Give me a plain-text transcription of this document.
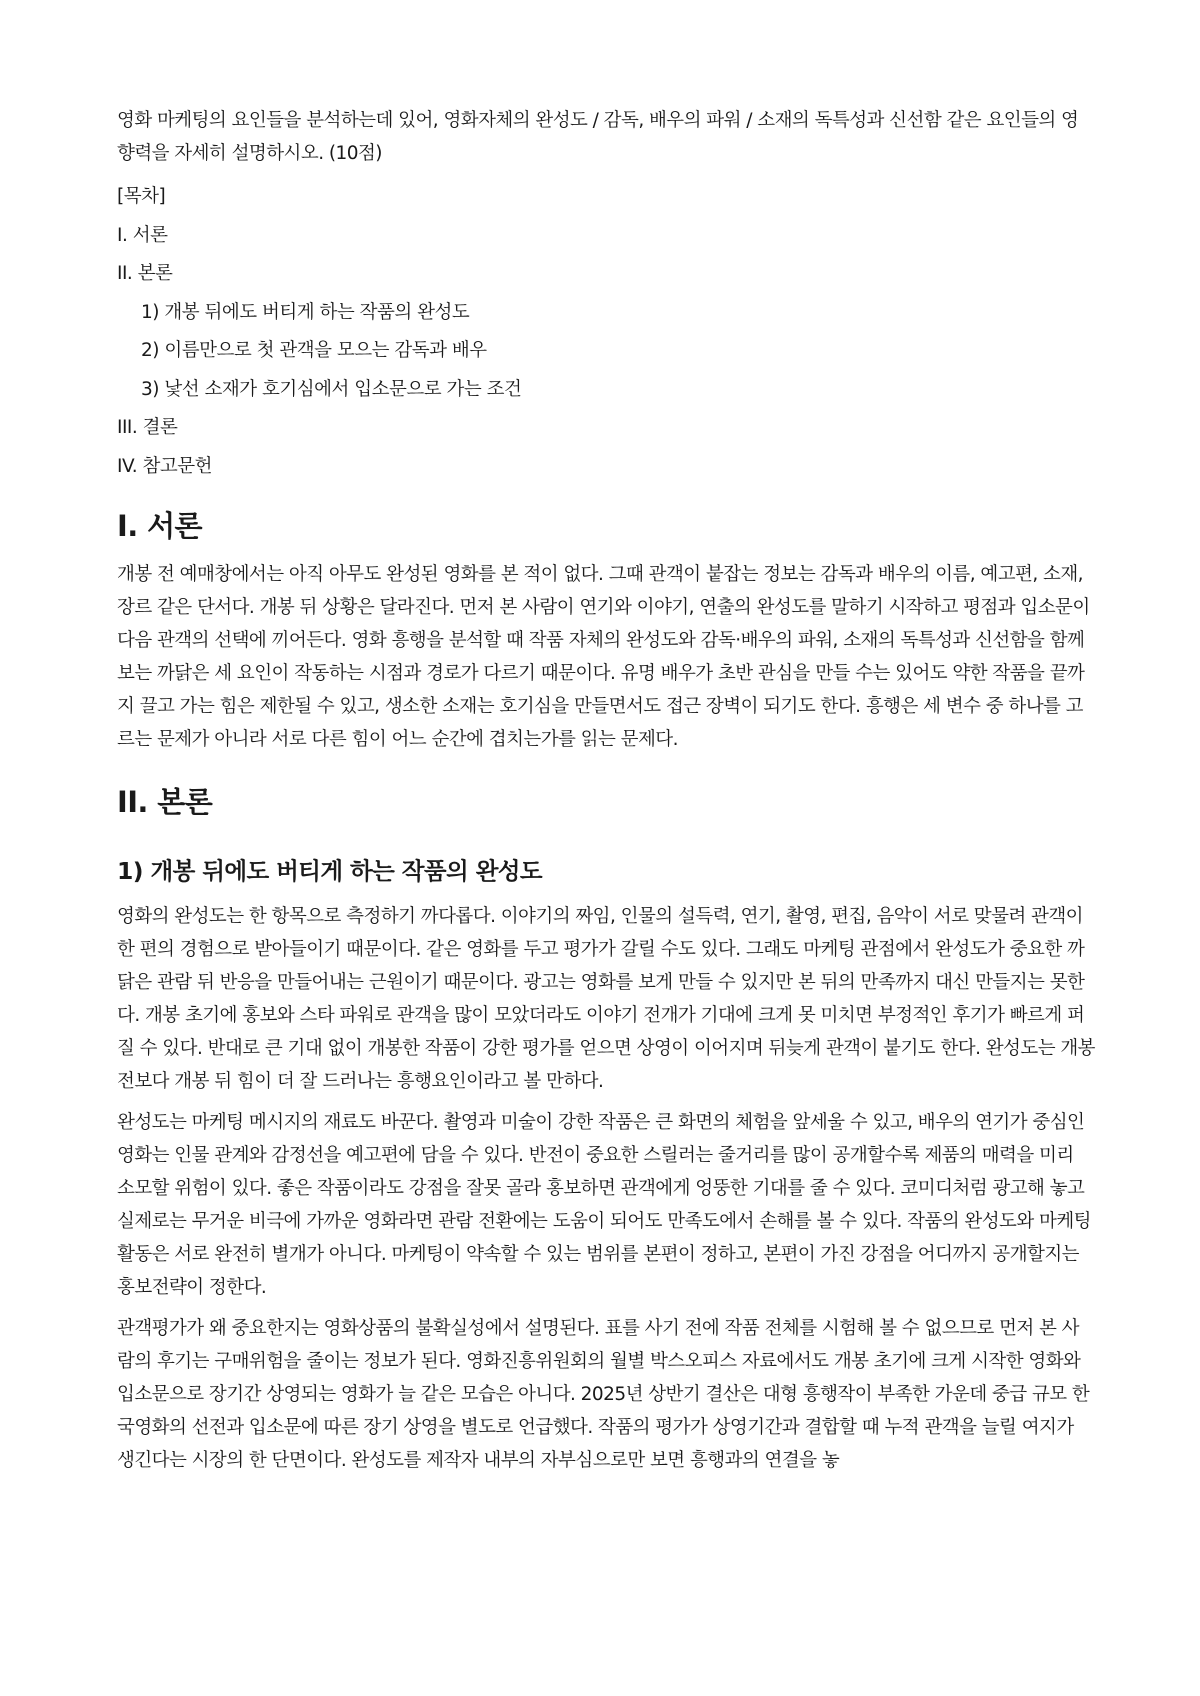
영화 마케팅의 요인들을 분석하는데 있어, 영화자체의 완성도 / 감독, 배우의 파워 / 소재의 독특성과 신선함 같은 요인들의 영향력을 자세히 설명하시오. (10점)

[목차]
I. 서론
II. 본론
1) 개봉 뒤에도 버티게 하는 작품의 완성도
2) 이름만으로 첫 관객을 모으는 감독과 배우
3) 낯선 소재가 호기심에서 입소문으로 가는 조건
III. 결론
IV. 참고문헌
I. 서론

개봉 전 예매창에서는 아직 아무도 완성된 영화를 본 적이 없다. 그때 관객이 붙잡는 정보는 감독과 배우의 이름, 예고편, 소재, 장르 같은 단서다. 개봉 뒤 상황은 달라진다. 먼저 본 사람이 연기와 이야기, 연출의 완성도를 말하기 시작하고 평점과 입소문이 다음 관객의 선택에 끼어든다. 영화 흥행을 분석할 때 작품 자체의 완성도와 감독·배우의 파워, 소재의 독특성과 신선함을 함께 보는 까닭은 세 요인이 작동하는 시점과 경로가 다르기 때문이다. 유명 배우가 초반 관심을 만들 수는 있어도 약한 작품을 끝까지 끌고 가는 힘은 제한될 수 있고, 생소한 소재는 호기심을 만들면서도 접근 장벽이 되기도 한다. 흥행은 세 변수 중 하나를 고르는 문제가 아니라 서로 다른 힘이 어느 순간에 겹치는가를 읽는 문제다.

II. 본론
1) 개봉 뒤에도 버티게 하는 작품의 완성도

영화의 완성도는 한 항목으로 측정하기 까다롭다. 이야기의 짜임, 인물의 설득력, 연기, 촬영, 편집, 음악이 서로 맞물려 관객이 한 편의 경험으로 받아들이기 때문이다. 같은 영화를 두고 평가가 갈릴 수도 있다. 그래도 마케팅 관점에서 완성도가 중요한 까닭은 관람 뒤 반응을 만들어내는 근원이기 때문이다. 광고는 영화를 보게 만들 수 있지만 본 뒤의 만족까지 대신 만들지는 못한다. 개봉 초기에 홍보와 스타 파워로 관객을 많이 모았더라도 이야기 전개가 기대에 크게 못 미치면 부정적인 후기가 빠르게 퍼질 수 있다. 반대로 큰 기대 없이 개봉한 작품이 강한 평가를 얻으면 상영이 이어지며 뒤늦게 관객이 붙기도 한다. 완성도는 개봉 전보다 개봉 뒤 힘이 더 잘 드러나는 흥행요인이라고 볼 만하다.

완성도는 마케팅 메시지의 재료도 바꾼다. 촬영과 미술이 강한 작품은 큰 화면의 체험을 앞세울 수 있고, 배우의 연기가 중심인 영화는 인물 관계와 감정선을 예고편에 담을 수 있다. 반전이 중요한 스릴러는 줄거리를 많이 공개할수록 제품의 매력을 미리 소모할 위험이 있다. 좋은 작품이라도 강점을 잘못 골라 홍보하면 관객에게 엉뚱한 기대를 줄 수 있다. 코미디처럼 광고해 놓고 실제로는 무거운 비극에 가까운 영화라면 관람 전환에는 도움이 되어도 만족도에서 손해를 볼 수 있다. 작품의 완성도와 마케팅 활동은 서로 완전히 별개가 아니다. 마케팅이 약속할 수 있는 범위를 본편이 정하고, 본편이 가진 강점을 어디까지 공개할지는 홍보전략이 정한다.

관객평가가 왜 중요한지는 영화상품의 불확실성에서 설명된다. 표를 사기 전에 작품 전체를 시험해 볼 수 없으므로 먼저 본 사람의 후기는 구매위험을 줄이는 정보가 된다. 영화진흥위원회의 월별 박스오피스 자료에서도 개봉 초기에 크게 시작한 영화와 입소문으로 장기간 상영되는 영화가 늘 같은 모습은 아니다. 2025년 상반기 결산은 대형 흥행작이 부족한 가운데 중급 규모 한국영화의 선전과 입소문에 따른 장기 상영을 별도로 언급했다. 작품의 평가가 상영기간과 결합할 때 누적 관객을 늘릴 여지가 생긴다는 시장의 한 단면이다. 완성도를 제작자 내부의 자부심으로만 보면 흥행과의 연결을 놓
